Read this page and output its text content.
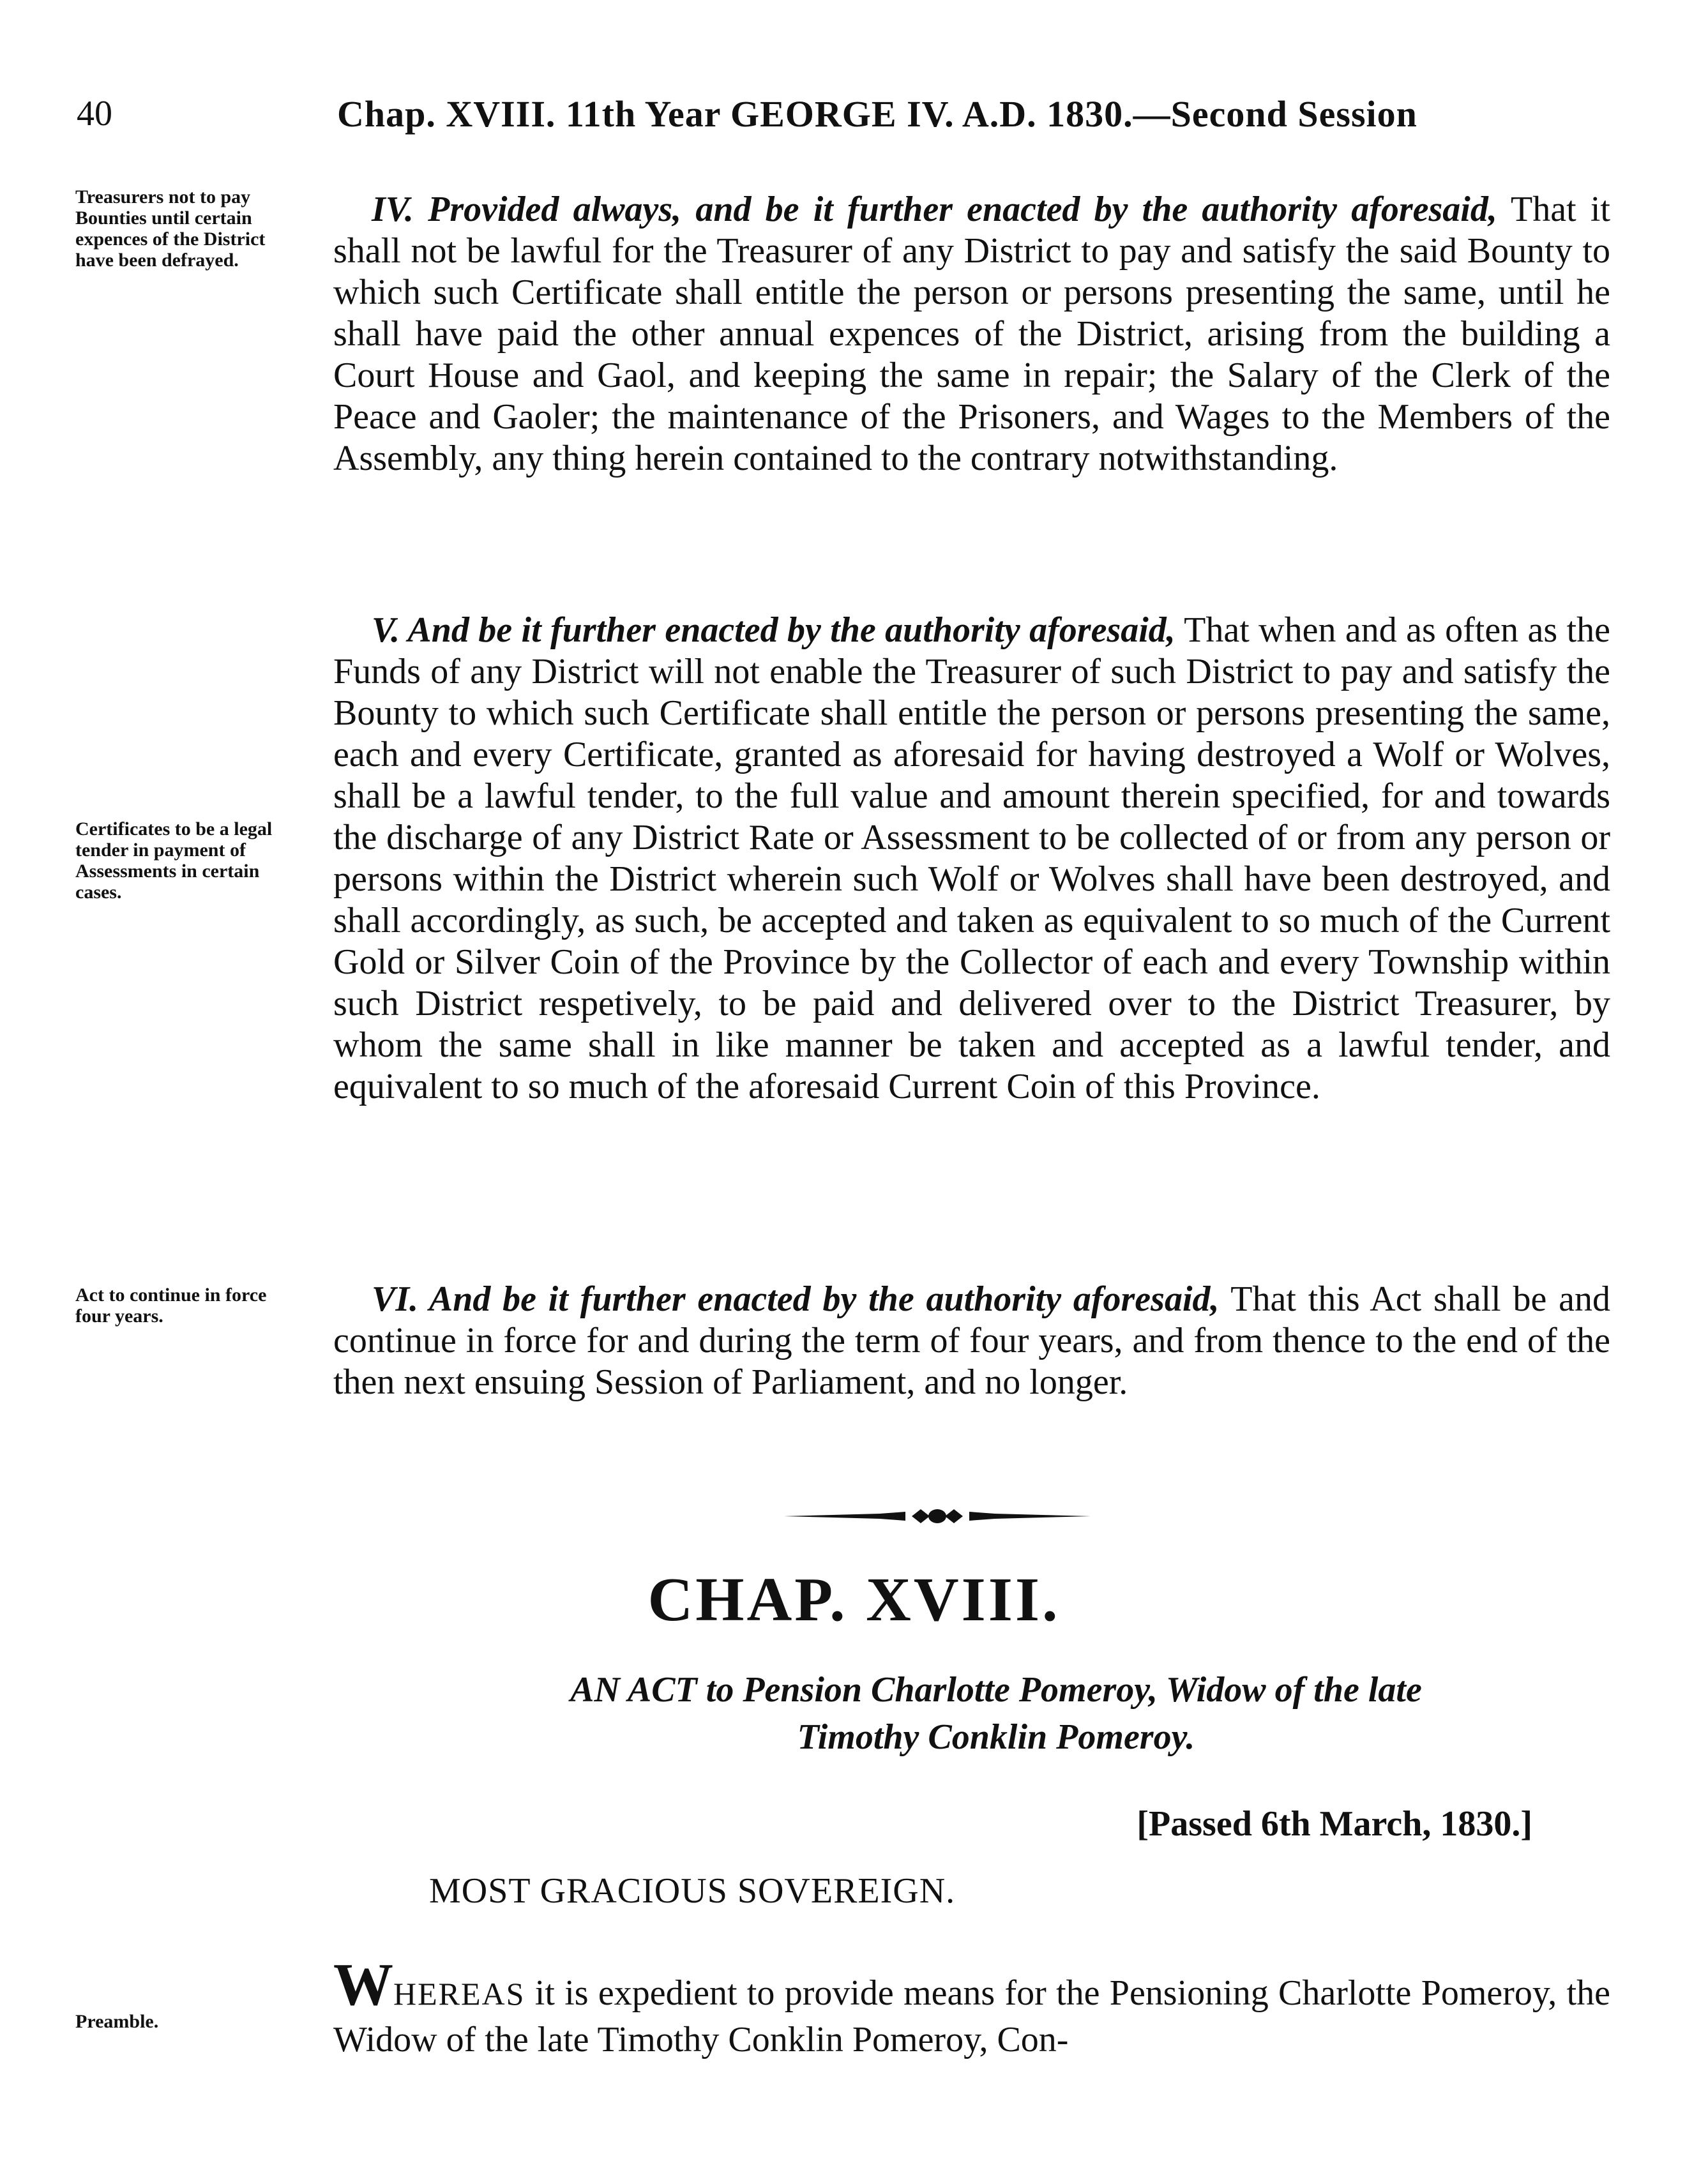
40	Chap. XVIII. 11th Year GEORGE IV. A.D. 1830.—Second Session
Treasurers not to pay Bounties until certain expences of the District have been defrayed.
Certificates to be a legal tender in payment of Assessments in certain cases.
Act to continue in force four years.
Preamble.

IV. Provided always, and be it further enacted by the authority aforesaid, That it shall not be lawful for the Treasurer of any District to pay and satisfy the said Bounty to which such Certificate shall entitle the person or persons presenting the same, until he shall have paid the other annual expences of the District, arising from the building a Court House and Gaol, and keeping the same in repair; the Salary of the Clerk of the Peace and Gaoler; the maintenance of the Prisoners, and Wages to the Members of the Assembly, any thing herein contained to the contrary notwithstanding.

V. And be it further enacted by the authority aforesaid, That when and as often as the Funds of any District will not enable the Treasurer of such District to pay and satisfy the Bounty to which such Certificate shall entitle the person or persons presenting the same, each and every Certificate, granted as aforesaid for having destroyed a Wolf or Wolves, shall be a lawful tender, to the full value and amount therein specified, for and towards the discharge of any District Rate or Assessment to be collected of or from any person or persons within the District wherein such Wolf or Wolves shall have been destroyed, and shall accordingly, as such, be accepted and taken as equivalent to so much of the Current Gold or Silver Coin of the Province by the Collector of each and every Township within such District respetively, to be paid and delivered over to the District Treasurer, by whom the same shall in like manner be taken and accepted as a lawful tender, and equivalent to so much of the aforesaid Current Coin of this Province.

VI. And be it further enacted by the authority aforesaid, That this Act shall be and continue in force for and during the term of four years, and from thence to the end of the then next ensuing Session of Parliament, and no longer.

CHAP. XVIII.
AN ACT to Pension Charlotte Pomeroy, Widow of the late
Timothy Conklin Pomeroy.
[Passed 6th March, 1830.]
MOST GRACIOUS SOVEREIGN.

WHEREAS it is expedient to provide means for the Pensioning Charlotte Pomeroy, the Widow of the late Timothy Conklin Pomeroy, Con-
